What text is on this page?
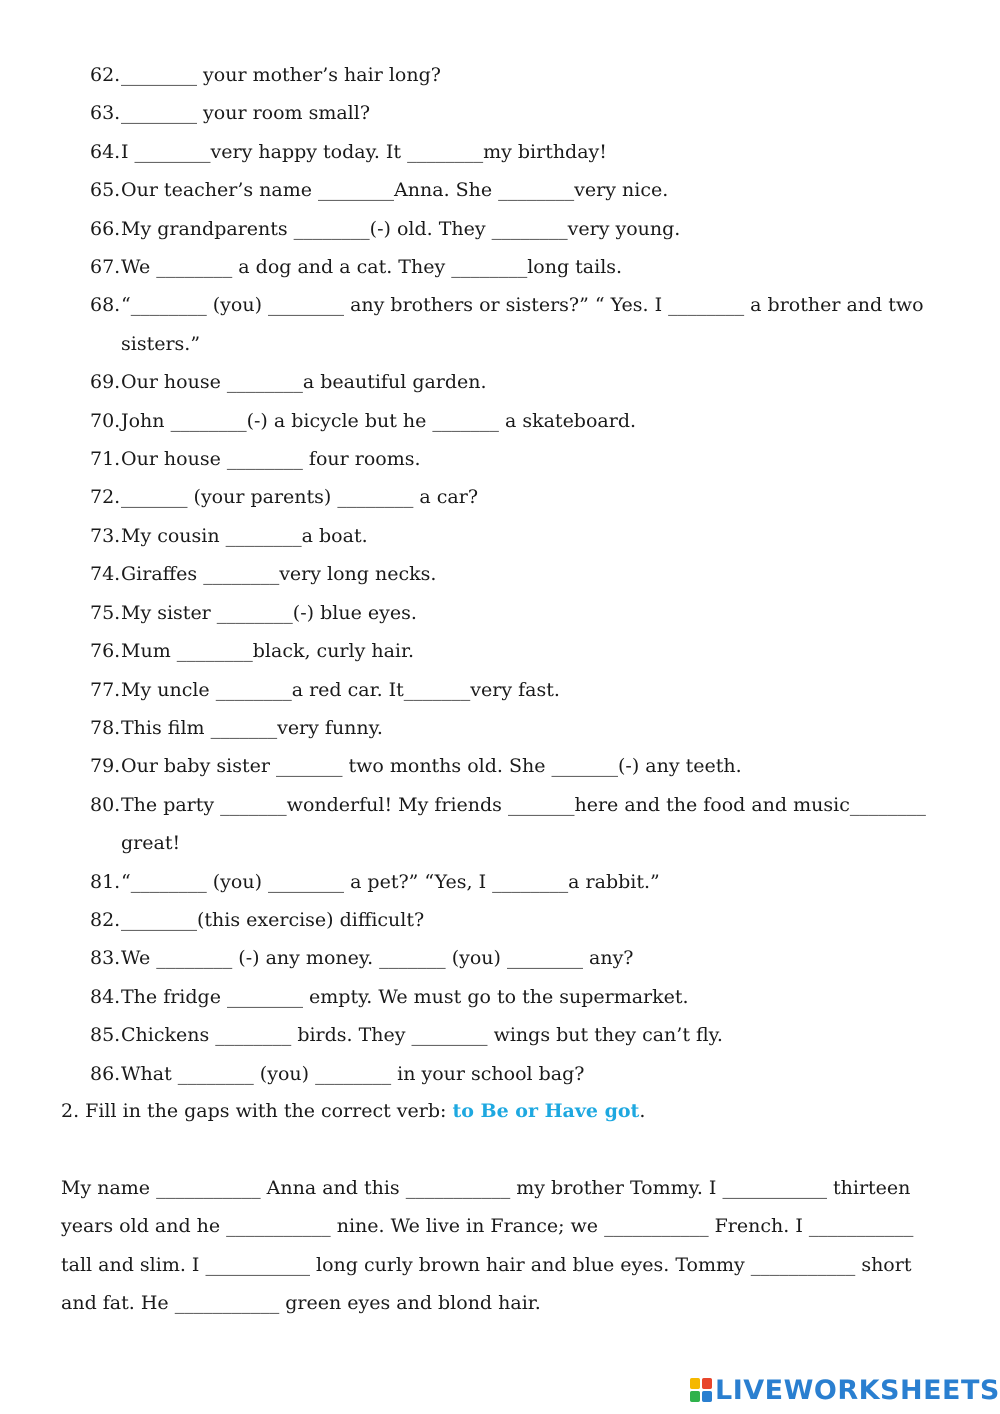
62. ________ your mother’s hair long?
63. ________ your room small?
64. I ________very happy today. It ________my birthday!
65. Our teacher’s name ________Anna. She ________very nice.
66. My grandparents ________(-) old. They ________very young.
67. We ________ a dog and a cat. They ________long tails.
68. “________ (you) ________ any brothers or sisters?” “ Yes. I ________ a brother and two sisters.”
69. Our house ________a beautiful garden.
70. John ________(-) a bicycle but he _______ a skateboard.
71. Our house ________ four rooms.
72. _______ (your parents) ________ a car?
73. My cousin ________a boat.
74. Giraffes ________very long necks.
75. My sister ________(-) blue eyes.
76. Mum ________black, curly hair.
77. My uncle ________a red car. It_______very fast.
78. This film _______very funny.
79. Our baby sister _______ two months old. She _______(-) any teeth.
80. The party _______wonderful! My friends _______here and the food and music________ great!
81. “________ (you) ________ a pet?” “Yes, I ________a rabbit.”
82. ________(this exercise) difficult?
83. We ________ (-) any money. _______ (you) ________ any?
84. The fridge ________ empty. We must go to the supermarket.
85. Chickens ________ birds. They ________ wings but they can’t fly.
86. What ________ (you) ________ in your school bag?
2. Fill in the gaps with the correct verb: to Be or Have got.
My name ___________ Anna and this ___________ my brother Tommy. I ___________ thirteen years old and he ___________ nine. We live in France; we ___________ French. I ___________ tall and slim. I ___________ long curly brown hair and blue eyes. Tommy ___________ short and fat. He ___________ green eyes and blond hair.
LIVEWORKSHEETS
